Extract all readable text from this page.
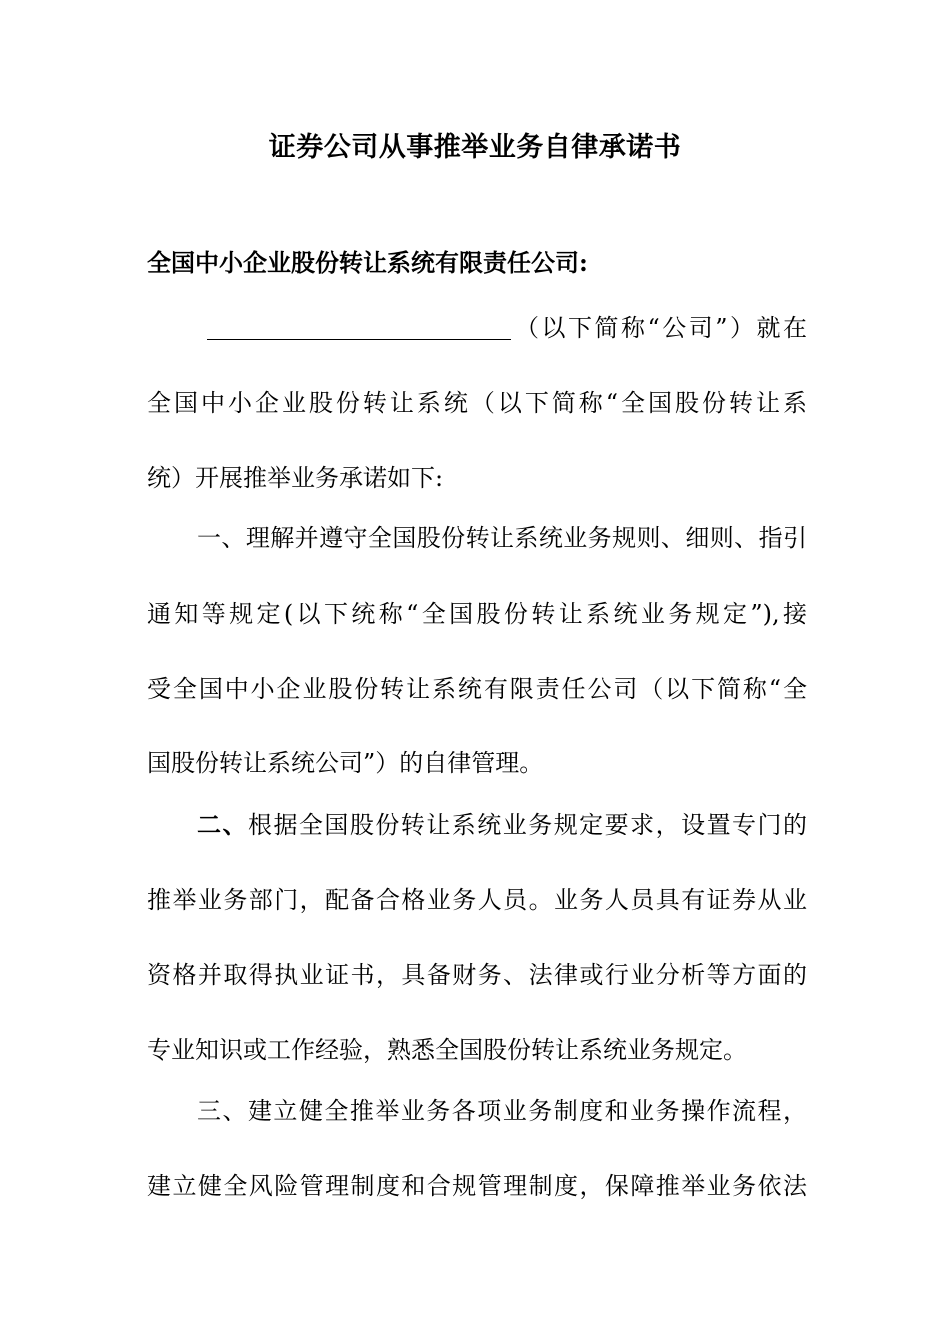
证券公司从事推举业务自律承诺书
全国中小企业股份转让系统有限责任公司:
（以下简称“公司”）就在
全国中小企业股份转让系统（以下简称“全国股份转让系
统）开展推举业务承诺如下:
一、理解并遵守全国股份转让系统业务规则、细则、指引
通知等规定(以下统称“全国股份转让系统业务规定”),接
受全国中小企业股份转让系统有限责任公司（以下简称“全
国股份转让系统公司”）的自律管理。
二、根据全国股份转让系统业务规定要求，设置专门的
推举业务部门，配备合格业务人员。业务人员具有证券从业
资格并取得执业证书，具备财务、法律或行业分析等方面的
专业知识或工作经验，熟悉全国股份转让系统业务规定。
三、建立健全推举业务各项业务制度和业务操作流程，
建立健全风险管理制度和合规管理制度，保障推举业务依法
